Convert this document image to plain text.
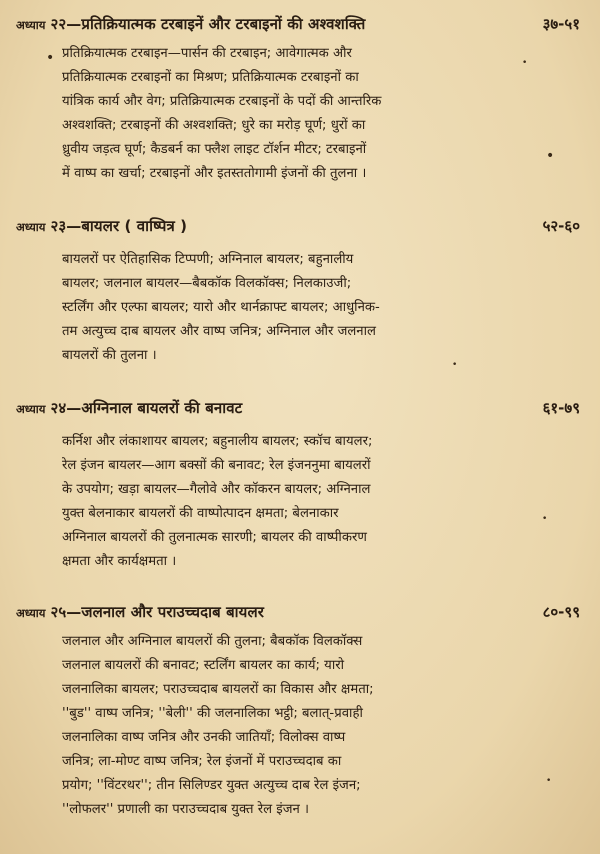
अध्याय २२—प्रतिक्रियात्मक टरबाइनें और टरबाइनों की अश्वशक्ति	३७-५१
प्रतिक्रियात्मक टरबाइन—पार्सन की टरबाइन; आवेगात्मक और
प्रतिक्रियात्मक टरबाइनों का मिश्रण; प्रतिक्रियात्मक टरबाइनों का
यांत्रिक कार्य और वेग; प्रतिक्रियात्मक टरबाइनों के पदों की आन्तरिक
अश्वशक्ति; टरबाइनों की अश्वशक्ति; धुरे का मरोड़ घूर्ण; धुरों का
ध्रुवीय जड़त्व घूर्ण; कैडबर्न का फ्लैश लाइट टॉर्शन मीटर; टरबाइनों
में वाष्प का खर्चा; टरबाइनों और इतस्ततोगामी इंजनों की तुलना ।
अध्याय २३—बायलर ( वाष्पित्र )	५२-६०
बायलरों पर ऐतिहासिक टिप्पणी; अग्निनाल बायलर; बहुनालीय
बायलर; जलनाल बायलर—बैबकॉक विलकॉक्स; निलकाउजी;
स्टर्लिंग और एल्फा बायलर; यारो और थार्नक्राफ्ट बायलर; आधुनिक-
तम अत्युच्च दाब बायलर और वाष्प जनित्र; अग्निनाल और जलनाल
बायलरों की तुलना ।
अध्याय २४—अग्निनाल बायलरों की बनावट	६१-७९
कर्निश और लंकाशायर बायलर; बहुनालीय बायलर; स्कॉच बायलर;
रेल इंजन बायलर—आग बक्सों की बनावट; रेल इंजननुमा बायलरों
के उपयोग; खड़ा बायलर—गैलोवे और कॉकरन बायलर; अग्निनाल
युक्त बेलनाकार बायलरों की वाष्पोत्पादन क्षमता; बेलनाकार
अग्निनाल बायलरों की तुलनात्मक सारणी; बायलर की वाष्पीकरण
क्षमता और कार्यक्षमता ।
अध्याय २५—जलनाल और पराउच्चदाब बायलर	८०-९९
जलनाल और अग्निनाल बायलरों की तुलना; बैबकॉक विलकॉक्स
जलनाल बायलरों की बनावट; स्टर्लिंग बायलर का कार्य; यारो
जलनालिका बायलर; पराउच्चदाब बायलरों का विकास और क्षमता;
''बुड'' वाष्प जनित्र; ''बेली'' की जलनालिका भट्ठी; बलात्-प्रवाही
जलनालिका वाष्प जनित्र और उनकी जातियाँ; विलोक्स वाष्प
जनित्र; ला-मोण्ट वाष्प जनित्र; रेल इंजनों में पराउच्चदाब का
प्रयोग; ''विंटरथर''; तीन सिलिण्डर युक्त अत्युच्च दाब रेल इंजन;
''लोफलर'' प्रणाली का पराउच्चदाब युक्त रेल इंजन ।
•
•
•
•
•
•
